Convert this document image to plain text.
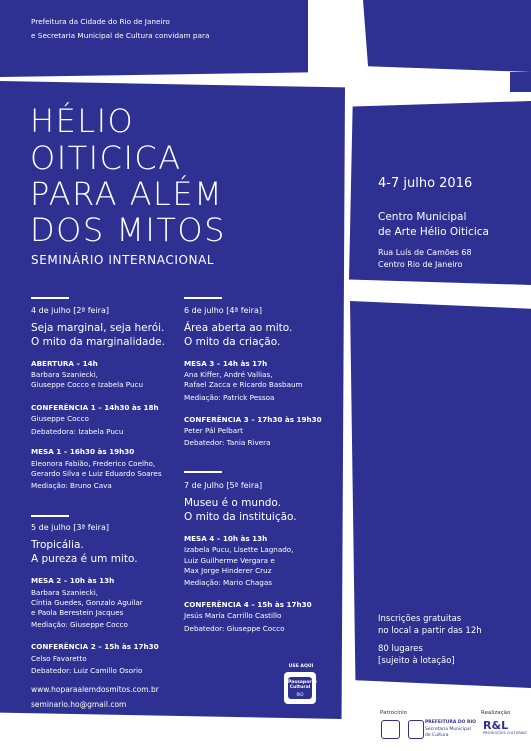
Prefeitura da Cidade do Rio de Janeiro
e Secretaria Municipal de Cultura convidam para
HÉLIO
OITICICA
PARA ALÉM
DOS MITOS
SEMINÁRIO INTERNACIONAL
4-7 julho 2016
Centro Municipal
de Arte Hélio Oiticica
Rua Luís de Camões 68
Centro Rio de Janeiro
4 de julho [2ª feira]
Seja marginal, seja herói.
O mito da marginalidade.
ABERTURA – 14h
Barbara Szaniecki,
Giuseppe Cocco e Izabela Pucu
CONFERÊNCIA 1 – 14h30 às 18h
Giuseppe Cocco
Debatedora: Izabela Pucu
MESA 1 – 16h30 às 19h30
Eleonora Fabião, Frederico Coelho,
Gerardo Silva e Luiz Eduardo Soares
Mediação: Bruno Cava
5 de julho [3ª feira]
Tropicália.
A pureza é um mito.
MESA 2 – 10h às 13h
Barbara Szaniecki,
Cíntia Guedes, Gonzalo Aguilar
e Paola Berestein Jacques
Mediação: Giuseppe Cocco
CONFERÊNCIA 2 – 15h às 17h30
Celso Favaretto
Debatedor: Luiz Camillo Osorio
6 de julho [4ª feira]
Área aberta ao mito.
O mito da criação.
MESA 3 – 14h às 17h
Ana Kiffer, André Vallias,
Rafael Zacca e Ricardo Basbaum
Mediação: Patrick Pessoa
CONFERÊNCIA 3 – 17h30 às 19h30
Peter Pál Pelbart
Debatedor: Tania Rivera
7 de Julho [5ª feira]
Museu é o mundo.
O mito da instituição.
MESA 4 – 10h às 13h
Izabela Pucu, Lisette Lagnado,
Luiz Guilherme Vergara e
Max Jorge Hinderer Cruz
Mediação: Mario Chagas
CONFERÊNCIA 4 – 15h às 17h30
Jesús María Carrillo Castillo
Debatedor: Giuseppe Cocco
Inscrições gratuitas
no local a partir das 12h
80 lugares
[sujeito à lotação]
www.hoparaalemdosmitos.com.br
seminario.ho@gmail.com
USE AQUI
Passaporte Cultural
RIO
Patrocínio
PREFEITURA DO RIO
Secretaria Municipal
de Cultura
Realização
R&L
PRODUÇÕES CULTURAIS
